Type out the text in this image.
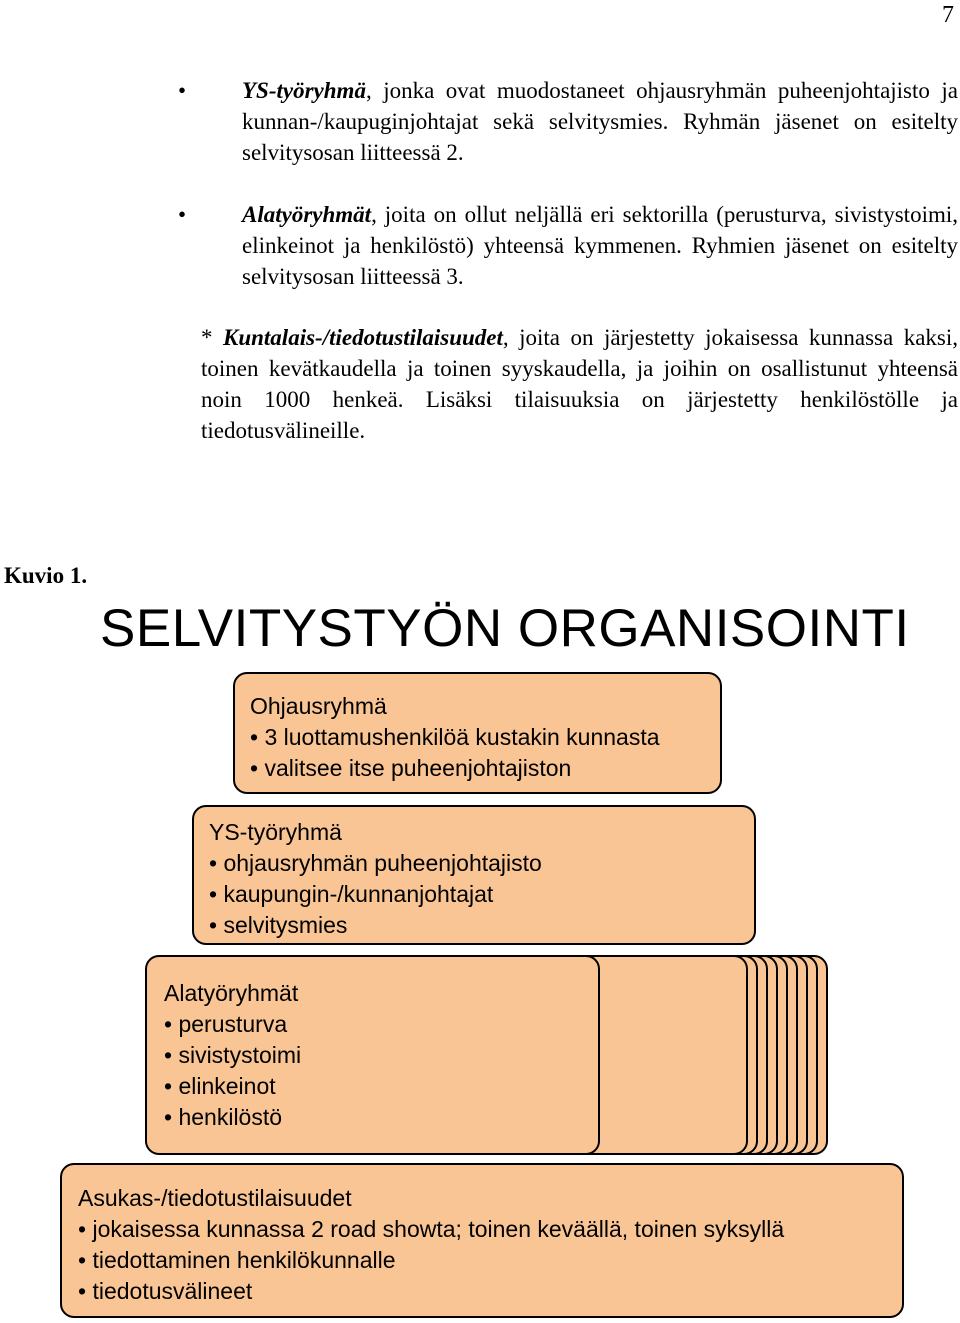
7
• YS-työryhmä, jonka ovat muodostaneet ohjausryhmän puheenjohtajisto ja kunnan-/kaupuginjohtajat sekä selvitysmies. Ryhmän jäsenet on esitelty selvitysosan liitteessä 2.
• Alatyöryhmät, joita on ollut neljällä eri sektorilla (perusturva, sivistystoimi, elinkeinot ja henkilöstö) yhteensä kymmenen. Ryhmien jäsenet on esitelty selvitysosan liitteessä 3.
* Kuntalais-/tiedotustilaisuudet, joita on järjestetty jokaisessa kunnassa kaksi, toinen kevätkaudella ja toinen syyskaudella, ja joihin on osallistunut yhteensä noin 1000 henkeä. Lisäksi tilaisuuksia on järjestetty henkilöstölle ja tiedotusvälineille.
Kuvio 1.
SELVITYSTYÖN ORGANISOINTI
Ohjausryhmä
• 3 luottamushenkilöä kustakin kunnasta
• valitsee itse puheenjohtajiston
YS-työryhmä
• ohjausryhmän puheenjohtajisto
• kaupungin-/kunnanjohtajat
• selvitysmies
Alatyöryhmät
• perusturva
• sivistystoimi
• elinkeinot
• henkilöstö
Asukas-/tiedotustilaisuudet
• jokaisessa kunnassa 2 road showta; toinen keväällä, toinen syksyllä
• tiedottaminen henkilökunnalle
• tiedotusvälineet
